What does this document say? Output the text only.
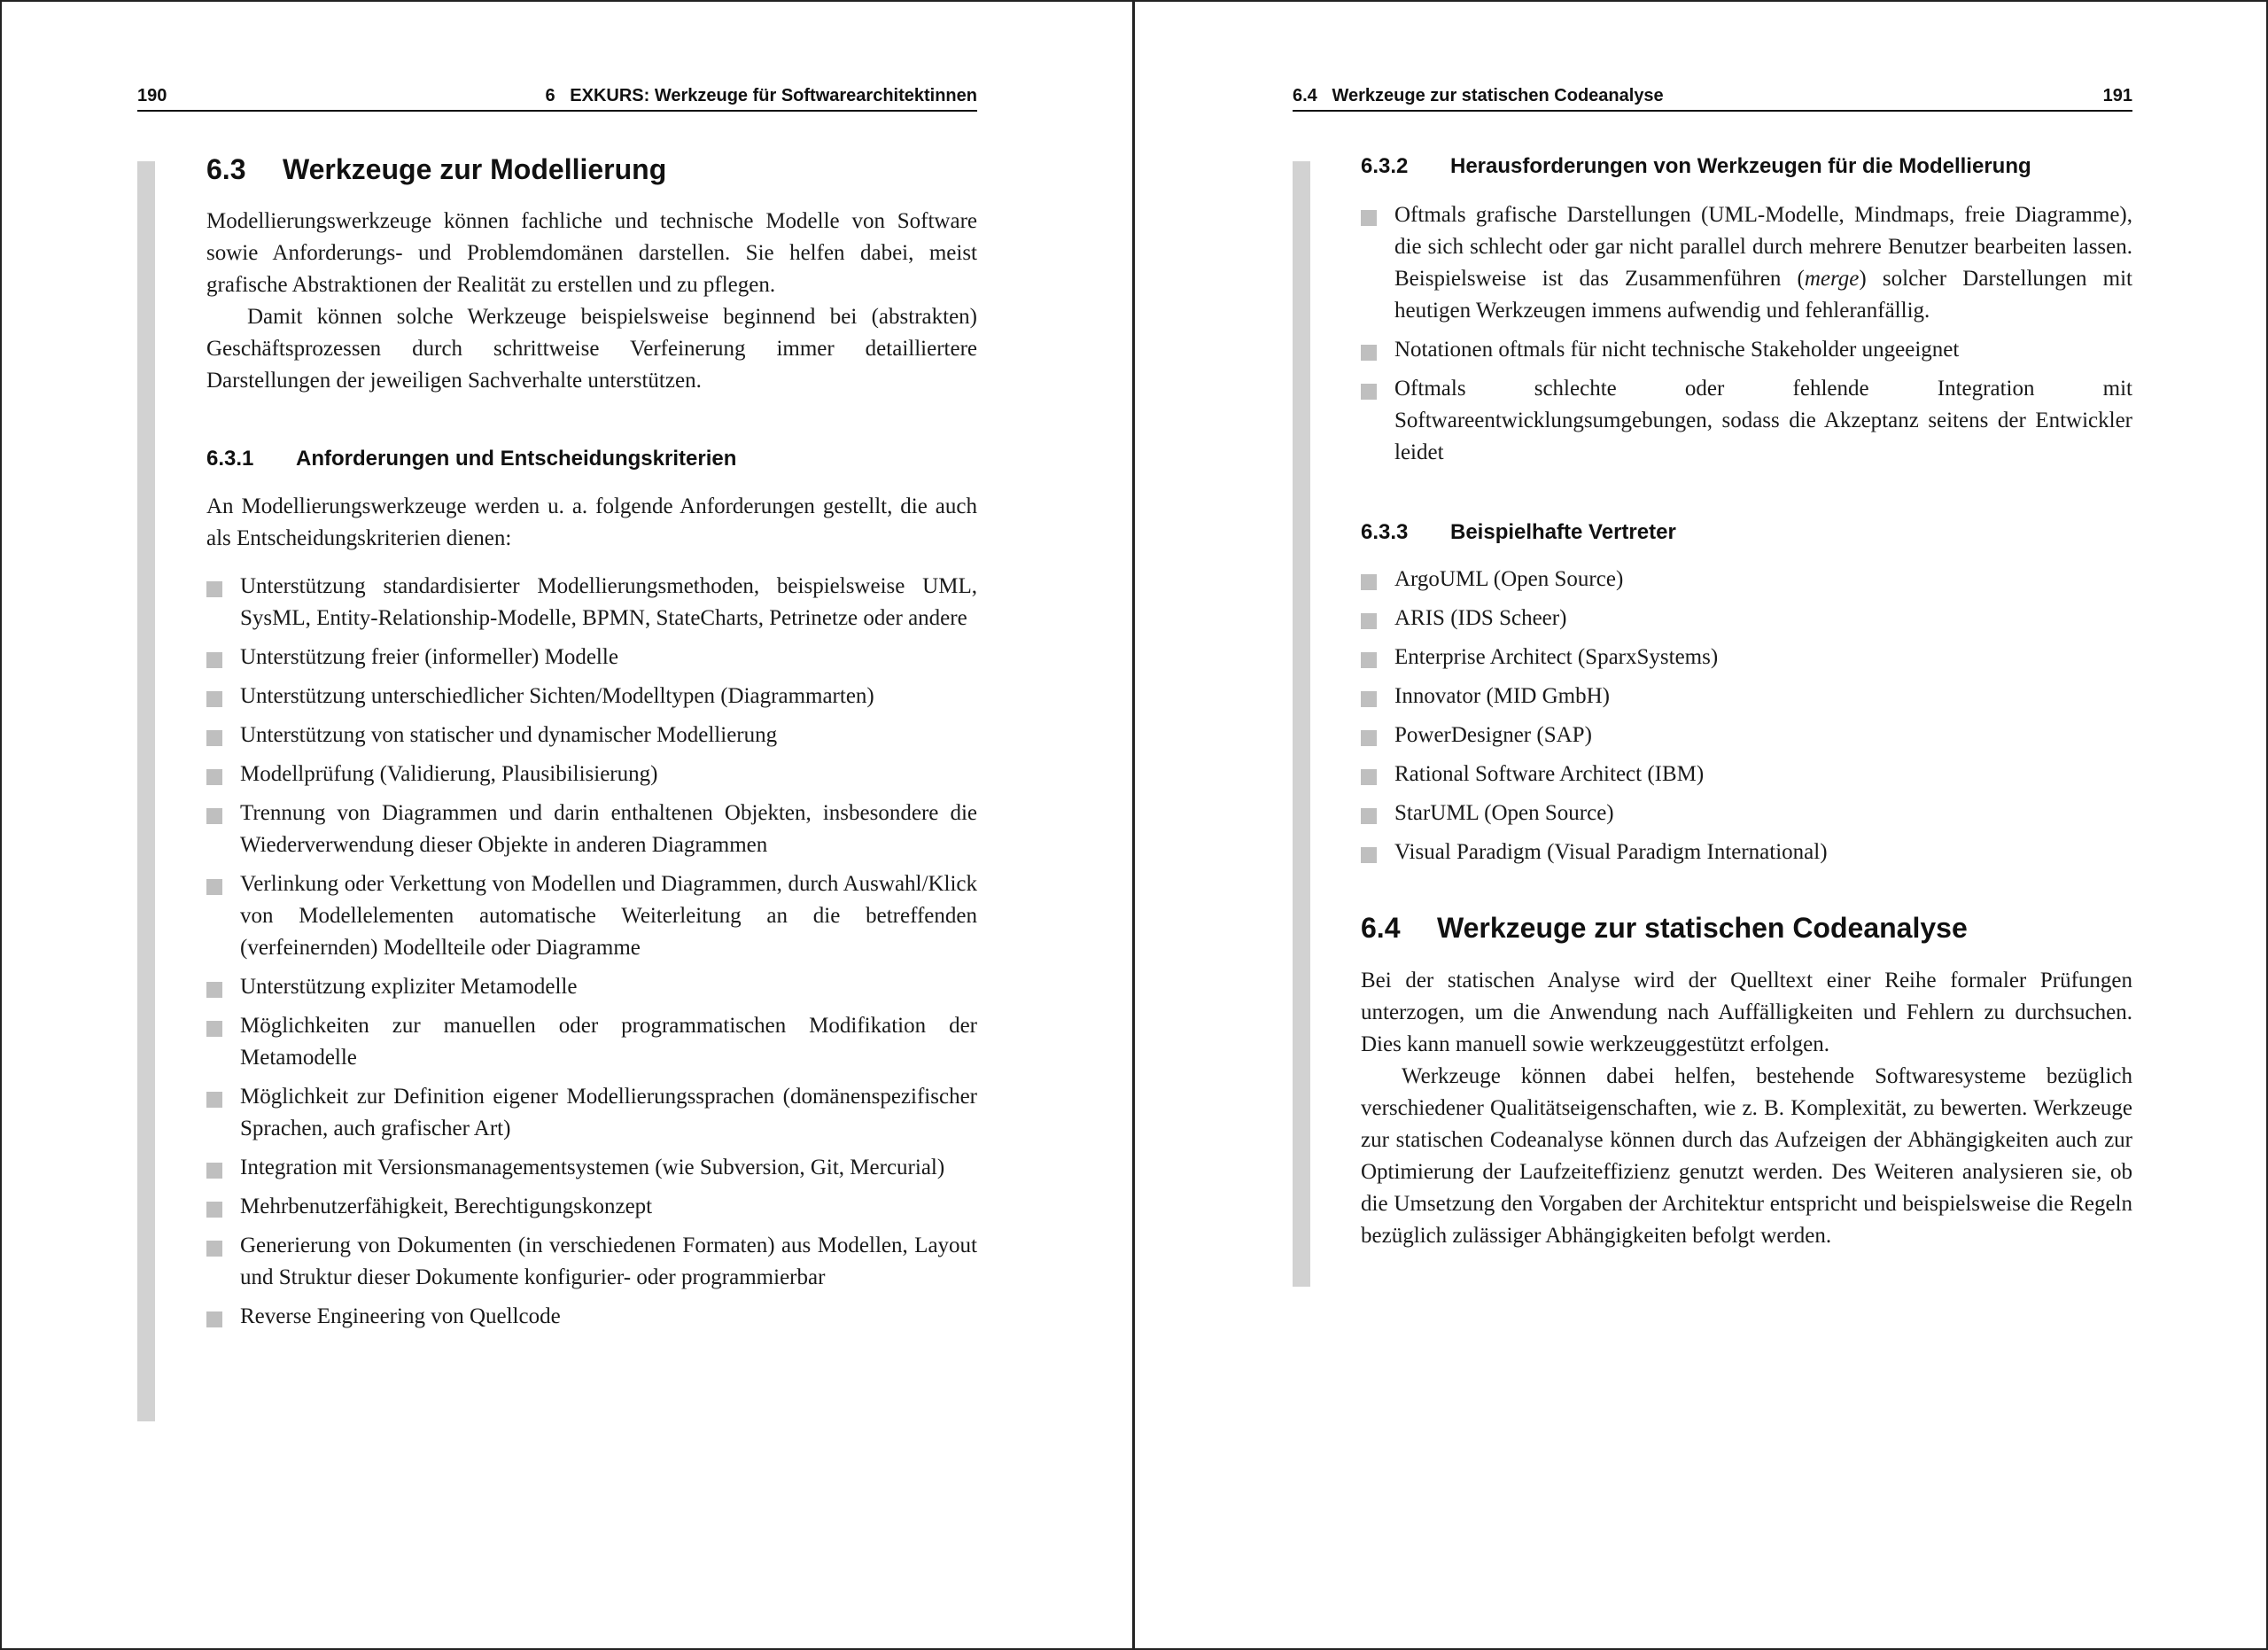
190	6   EXKURS: Werkzeuge für Softwarearchitektinnen
6.3	Werkzeuge zur Modellierung

Modellierungswerkzeuge können fachliche und technische Modelle von Software sowie Anforderungs- und Problemdomänen darstellen. Sie helfen dabei, meist grafische Abstraktionen der Realität zu erstellen und zu pflegen.

Damit können solche Werkzeuge beispielsweise beginnend bei (abstrakten) Geschäftsprozessen durch schrittweise Verfeinerung immer detailliertere Darstellungen der jeweiligen Sachverhalte unterstützen.

6.3.1	Anforderungen und Entscheidungskriterien

An Modellierungswerkzeuge werden u. a. folgende Anforderungen gestellt, die auch als Entscheidungskriterien dienen:

Unterstützung standardisierter Modellierungsmethoden, beispielsweise UML, SysML, Entity-Relationship-Modelle, BPMN, StateCharts, Petrinetze oder andere
Unterstützung freier (informeller) Modelle
Unterstützung unterschiedlicher Sichten/Modelltypen (Diagrammarten)
Unterstützung von statischer und dynamischer Modellierung
Modellprüfung (Validierung, Plausibilisierung)
Trennung von Diagrammen und darin enthaltenen Objekten, insbesondere die Wiederverwendung dieser Objekte in anderen Diagrammen
Verlinkung oder Verkettung von Modellen und Diagrammen, durch Auswahl/Klick von Modellelementen automatische Weiterleitung an die betreffenden (verfeinernden) Modellteile oder Diagramme
Unterstützung expliziter Metamodelle
Möglichkeiten zur manuellen oder programmatischen Modifikation der Metamodelle
Möglichkeit zur Definition eigener Modellierungssprachen (domänenspezifischer Sprachen, auch grafischer Art)
Integration mit Versionsmanagementsystemen (wie Subversion, Git, Mercurial)
Mehrbenutzerfähigkeit, Berechtigungskonzept
Generierung von Dokumenten (in verschiedenen Formaten) aus Modellen, Layout und Struktur dieser Dokumente konfigurier- oder programmierbar
Reverse Engineering von Quellcode
6.4   Werkzeuge zur statischen Codeanalyse	191
6.3.2	Herausforderungen von Werkzeugen für die Modellierung
Oftmals grafische Darstellungen (UML-Modelle, Mindmaps, freie Diagramme), die sich schlecht oder gar nicht parallel durch mehrere Benutzer bearbeiten lassen. Beispielsweise ist das Zusammenführen (merge) solcher Darstellungen mit heutigen Werkzeugen immens aufwendig und fehleranfällig.
Notationen oftmals für nicht technische Stakeholder ungeeignet
Oftmals schlechte oder fehlende Integration mit Softwareentwicklungsumgebungen, sodass die Akzeptanz seitens der Entwickler leidet
6.3.3	Beispielhafte Vertreter
ArgoUML (Open Source)
ARIS (IDS Scheer)
Enterprise Architect (SparxSystems)
Innovator (MID GmbH)
PowerDesigner (SAP)
Rational Software Architect (IBM)
StarUML (Open Source)
Visual Paradigm (Visual Paradigm International)
6.4	Werkzeuge zur statischen Codeanalyse

Bei der statischen Analyse wird der Quelltext einer Reihe formaler Prüfungen unterzogen, um die Anwendung nach Auffälligkeiten und Fehlern zu durchsuchen. Dies kann manuell sowie werkzeuggestützt erfolgen.

Werkzeuge können dabei helfen, bestehende Softwaresysteme bezüglich verschiedener Qualitätseigenschaften, wie z. B. Komplexität, zu bewerten. Werkzeuge zur statischen Codeanalyse können durch das Aufzeigen der Abhängigkeiten auch zur Optimierung der Laufzeiteffizienz genutzt werden. Des Weiteren analysieren sie, ob die Umsetzung den Vorgaben der Architektur entspricht und beispielsweise die Regeln bezüglich zulässiger Abhängigkeiten befolgt werden.
